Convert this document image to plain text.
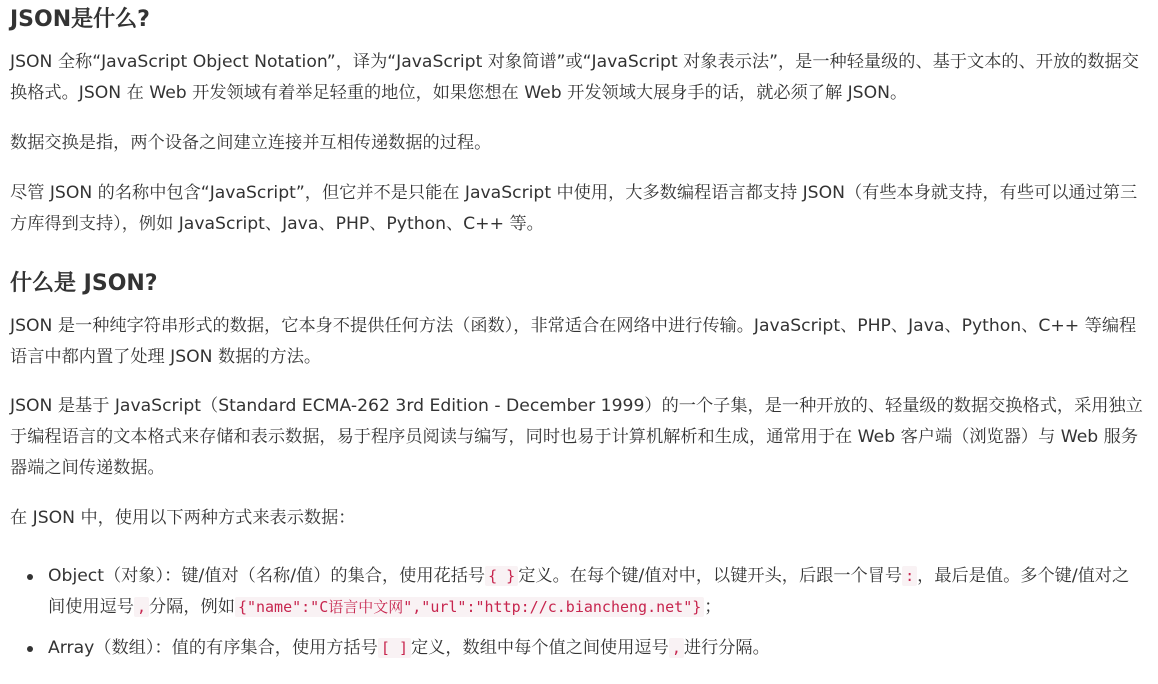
JSON是什么?

JSON 全称“JavaScript Object Notation”，译为“JavaScript 对象简谱”或“JavaScript 对象表示法”，是一种轻量级的、基于文本的、开放的数据交换格式。JSON 在 Web 开发领域有着举足轻重的地位，如果您想在 Web 开发领域大展身手的话，就必须了解 JSON。

数据交换是指，两个设备之间建立连接并互相传递数据的过程。

尽管 JSON 的名称中包含“JavaScript”，但它并不是只能在 JavaScript 中使用，大多数编程语言都支持 JSON（有些本身就支持，有些可以通过第三方库得到支持），例如 JavaScript、Java、PHP、Python、C++ 等。

什么是 JSON?

JSON 是一种纯字符串形式的数据，它本身不提供任何方法（函数），非常适合在网络中进行传输。JavaScript、PHP、Java、Python、C++ 等编程语言中都内置了处理 JSON 数据的方法。

JSON 是基于 JavaScript（Standard ECMA-262 3rd Edition - December 1999）的一个子集，是一种开放的、轻量级的数据交换格式，采用独立于编程语言的文本格式来存储和表示数据，易于程序员阅读与编写，同时也易于计算机解析和生成，通常用于在 Web 客户端（浏览器）与 Web 服务器端之间传递数据。

在 JSON 中，使用以下两种方式来表示数据：

Object（对象）：键/值对（名称/值）的集合，使用花括号 { } 定义。在每个键/值对中，以键开头，后跟一个冒号 : ，最后是值。多个键/值对之间使用逗号 , 分隔，例如 {"name":"C语言中文网","url":"http://c.biancheng.net"} ；
Array（数组）：值的有序集合，使用方括号 [ ] 定义，数组中每个值之间使用逗号 , 进行分隔。
